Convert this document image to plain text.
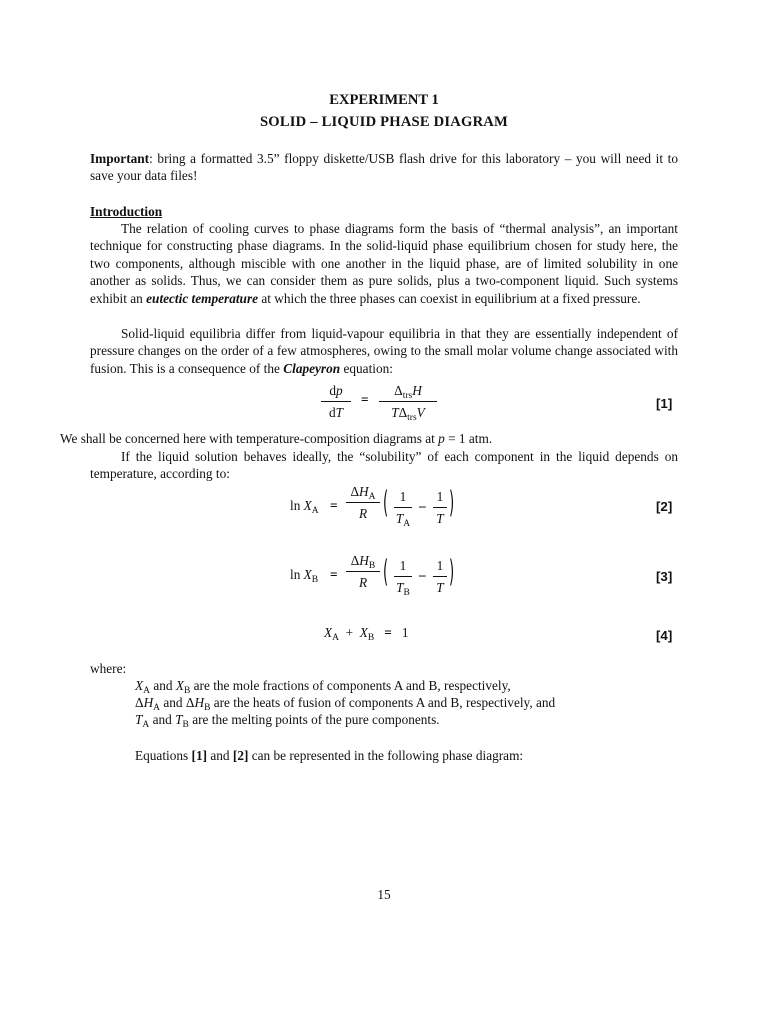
EXPERIMENT 1
SOLID – LIQUID PHASE DIAGRAM
Important: bring a formatted 3.5” floppy diskette/USB flash drive for this laboratory – you will need it to save your data files!
Introduction
The relation of cooling curves to phase diagrams form the basis of “thermal analysis”, an important technique for constructing phase diagrams. In the solid-liquid phase equilibrium chosen for study here, the two components, although miscible with one another in the liquid phase, are of limited solubility in one another as solids. Thus, we can consider them as pure solids, plus a two-component liquid. Such systems exhibit an eutectic temperature at which the three phases can coexist in equilibrium at a fixed pressure.
Solid-liquid equilibria differ from liquid-vapour equilibria in that they are essentially independent of pressure changes on the order of a few atmospheres, owing to the small molar volume change associated with fusion. This is a consequence of the Clapeyron equation:
$\frac{dp}{dT}$ =
$\Delta_{trs}H$
$T\Delta_{trs}V$
[1]
We shall be concerned here with temperature-composition diagrams at p = 1 atm.
If the liquid solution behaves ideally, the “solubility” of each component in the liquid depends on temperature, according to:
$\ln X_A$ =
$\Delta H_A$
R	( $\frac{1}{T_A} - \frac{1}{T}$ )	[2]
$\ln X_B$ =
$\Delta H_B$
R	( $\frac{1}{T_B} - \frac{1}{T}$ )	[3]
$X_A + X_B = 1$	[4]
where:
$X_A$ and $X_B$ are the mole fractions of components A and B, respectively,
$\Delta H_A$ and $\Delta H_B$ are the heats of fusion of components A and B, respectively, and
$T_A$ and $T_B$ are the melting points of the pure components.
Equations [1] and [2] can be represented in the following phase diagram:
15
